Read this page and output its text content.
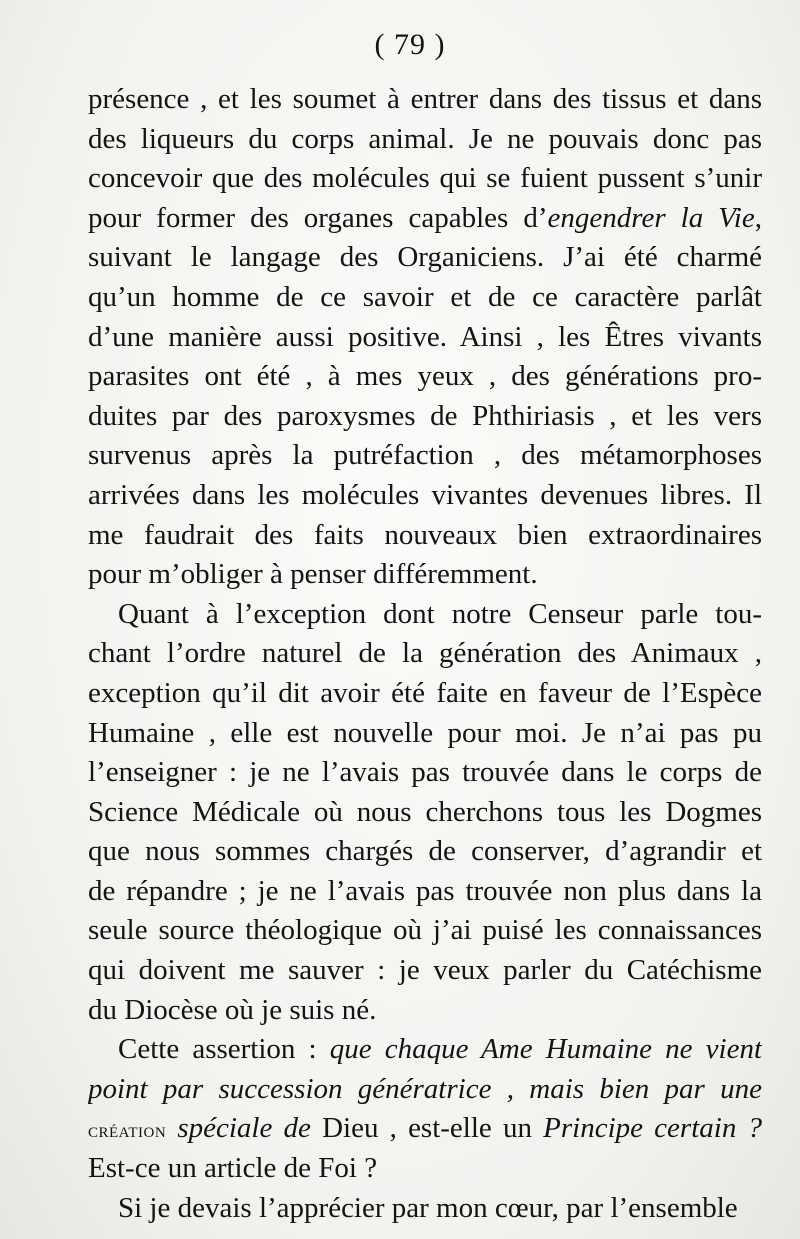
( 79 )
présence , et les soumet à entrer dans des tissus et dans
des liqueurs du corps animal. Je ne pouvais donc pas
concevoir que des molécules qui se fuient pussent s’unir
pour former des organes capables d’engendrer la Vie,
suivant le langage des Organiciens. J’ai été charmé
qu’un homme de ce savoir et de ce caractère parlât
d’une manière aussi positive. Ainsi , les Êtres vivants
parasites ont été , à mes yeux , des générations pro-
duites par des paroxysmes de Phthiriasis , et les vers
survenus après la putréfaction , des métamorphoses
arrivées dans les molécules vivantes devenues libres. Il
me faudrait des faits nouveaux bien extraordinaires
pour m’obliger à penser différemment.
Quant à l’exception dont notre Censeur parle tou-
chant l’ordre naturel de la génération des Animaux ,
exception qu’il dit avoir été faite en faveur de l’Espèce
Humaine , elle est nouvelle pour moi. Je n’ai pas pu
l’enseigner : je ne l’avais pas trouvée dans le corps de
Science Médicale où nous cherchons tous les Dogmes
que nous sommes chargés de conserver, d’agrandir et
de répandre ; je ne l’avais pas trouvée non plus dans la
seule source théologique où j’ai puisé les connaissances
qui doivent me sauver : je veux parler du Catéchisme
du Diocèse où je suis né.
Cette assertion : que chaque Ame Humaine ne vient
point par succession génératrice , mais bien par une
création spéciale de Dieu , est-elle un Principe certain ?
Est-ce un article de Foi ?
Si je devais l’apprécier par mon cœur, par l’ensemble
